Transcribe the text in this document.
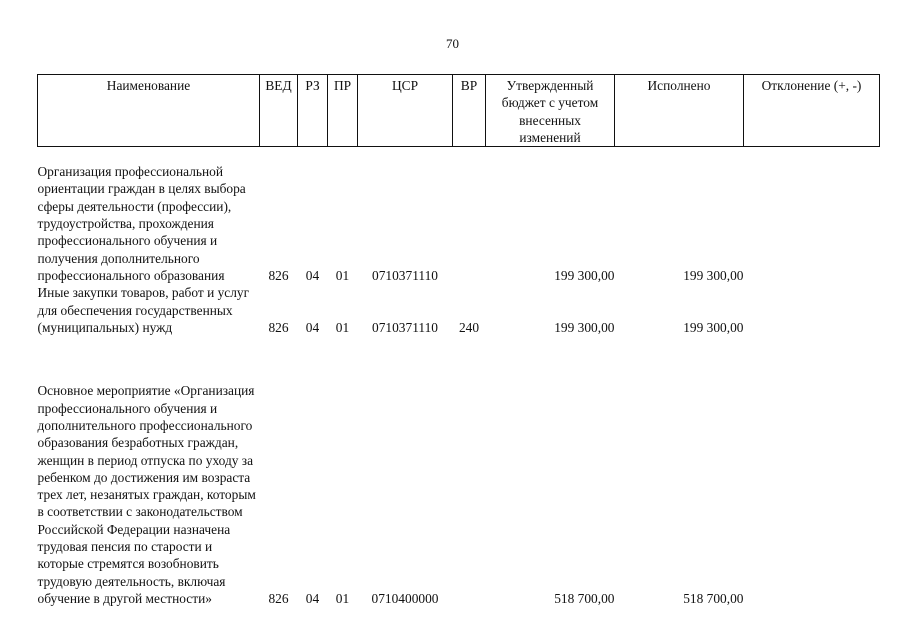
70
Наименование	ВЕД	РЗ	ПР	ЦСР	ВР	Утвержденный бюджет с учетом внесенных изменений	Исполнено	Отклонение (+, -)
Организация профессиональной ориентации граждан в целях выбора сферы деятельности (профессии), трудоустройства, прохождения профессионального обучения и получения дополнительного профессионального образования	826	04	01	0710371110		199 300,00	199 300,00	
Иные закупки товаров, работ и услуг для обеспечения государственных (муниципальных) нужд	826	04	01	0710371110	240	199 300,00	199 300,00	
Основное мероприятие «Организация профессионального обучения и дополнительного профессионального образования безработных граждан, женщин в период отпуска по уходу за ребенком до достижения им возраста трех лет, незанятых граждан, которым в соответствии с законодательством Российской Федерации назначена трудовая пенсия по старости и которые стремятся возобновить трудовую деятельность, включая обучение в другой местности»	826	04	01	0710400000		518 700,00	518 700,00	
